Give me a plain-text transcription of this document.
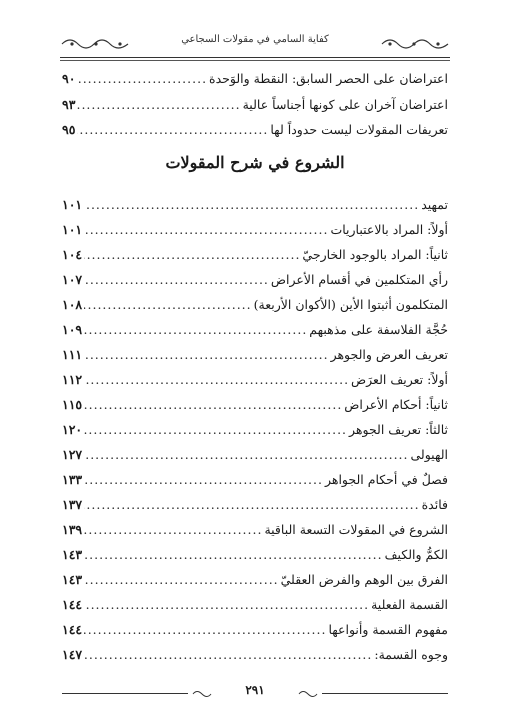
كفاية السامي في مقولات السجاعي
اعتراضان على الحصر السابق: النقطة والوَحدة
.....
٩٠
اعتراضان آخران على كونها أجناساً عالية
.....
٩٣
تعريفات المقولات ليست حدوداً لها
.....
٩٥
الشروع في شرح المقولات
تمهيد
.....
١٠١
أولاً: المراد بالاعتباريات
.....
١٠١
ثانياً: المراد بالوجود الخارجيّ
.....
١٠٤
رأي المتكلمين في أقسام الأعراض
.....
١٠٧
المتكلمون أثبتوا الأين (الأكوان الأربعة)
.....
١٠٨
حُجَّة الفلاسفة على مذهبهم
.....
١٠٩
تعريف العرض والجوهر
.....
١١١
أولاً: تعريف العرَض
.....
١١٢
ثانياً: أحكام الأعراض
.....
١١٥
ثالثاً: تعريف الجوهر
.....
١٢٠
الهيولى
.....
١٢٧
فصلٌ في أحكام الجواهر
.....
١٣٣
فائدة
.....
١٣٧
الشروع في المقولات التسعة الباقية
.....
١٣٩
الكمُّ والكيف
.....
١٤٣
الفرق بين الوهم والفرض العقليّ
.....
١٤٣
القسمة الفعلية
.....
١٤٤
مفهوم القسمة وأنواعها
.....
١٤٤
وجوه القسمة:
.....
١٤٧
٢٩١
